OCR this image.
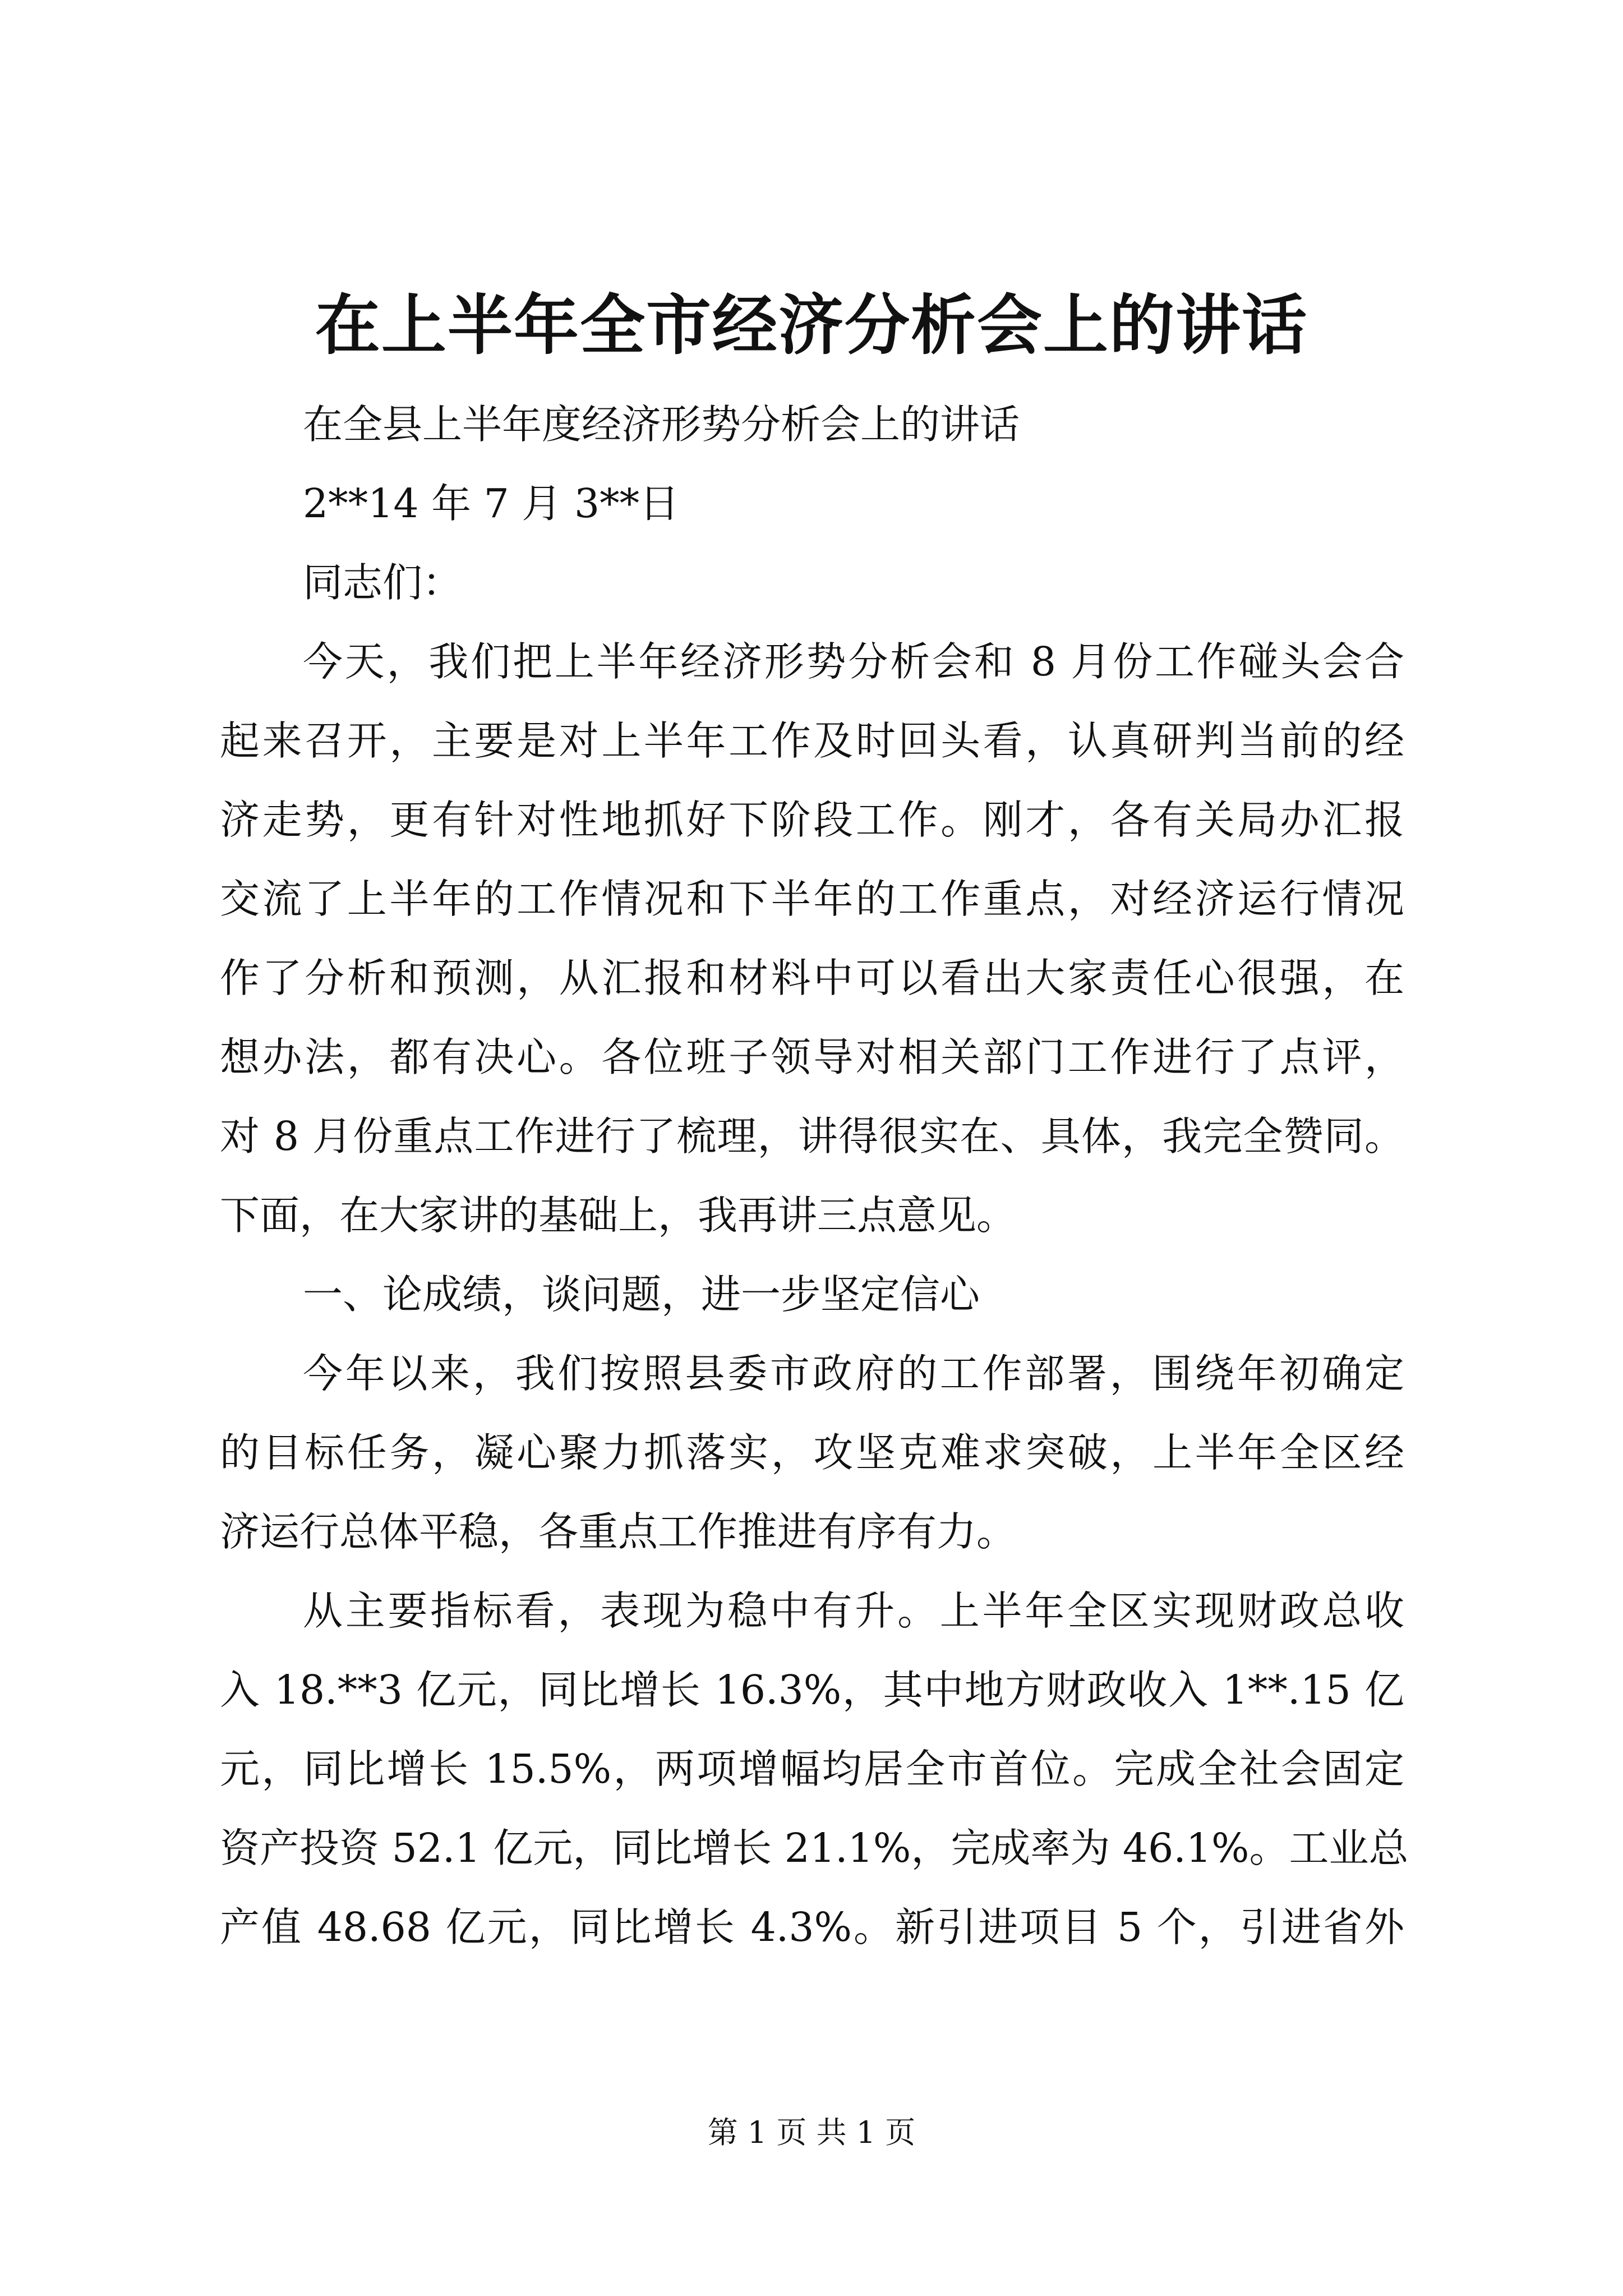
在上半年全市经济分析会上的讲话
在全县上半年度经济形势分析会上的讲话
2**14 年 7 月 3**日
同志们：
今天，我们把上半年经济形势分析会和 8 月份工作碰头会合
起来召开，主要是对上半年工作及时回头看，认真研判当前的经
济走势，更有针对性地抓好下阶段工作。刚才，各有关局办汇报
交流了上半年的工作情况和下半年的工作重点，对经济运行情况
作了分析和预测，从汇报和材料中可以看出大家责任心很强，在
想办法，都有决心。各位班子领导对相关部门工作进行了点评，
对 8 月份重点工作进行了梳理，讲得很实在、具体，我完全赞同。
下面，在大家讲的基础上，我再讲三点意见。
一、论成绩，谈问题，进一步坚定信心
今年以来，我们按照县委市政府的工作部署，围绕年初确定
的目标任务，凝心聚力抓落实，攻坚克难求突破，上半年全区经
济运行总体平稳，各重点工作推进有序有力。
从主要指标看，表现为稳中有升。上半年全区实现财政总收
入 18.**3 亿元，同比增长 16.3%，其中地方财政收入 1**.15 亿
元，同比增长 15.5%，两项增幅均居全市首位。完成全社会固定
资产投资 52.1 亿元，同比增长 21.1%，完成率为 46.1%。工业总
产值 48.68 亿元，同比增长 4.3%。新引进项目 5 个，引进省外
第 1 页 共 1 页
